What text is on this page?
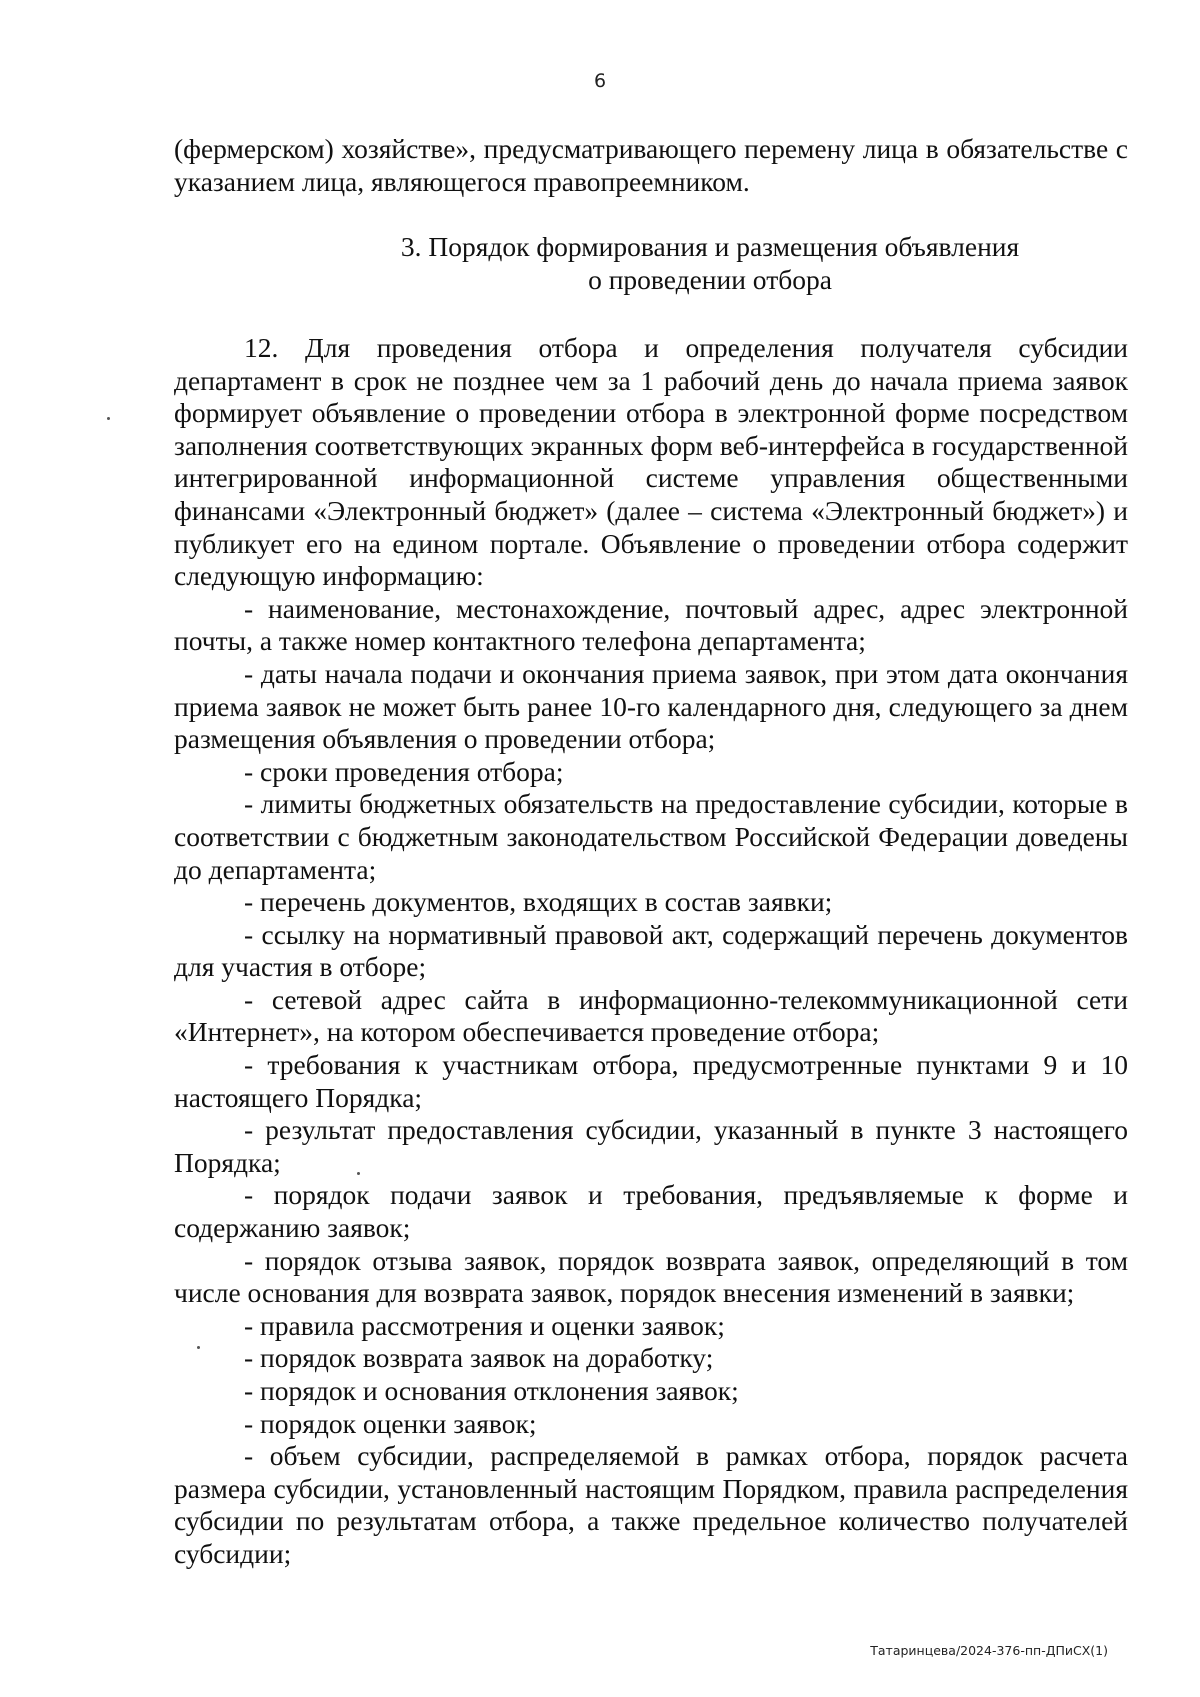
6

(фермерском) хозяйстве», предусматривающего перемену лица в обязательстве с указанием лица, являющегося правопреемником.

3. Порядок формирования и размещения объявления
о проведении отбора

12. Для проведения отбора и определения получателя субсидии департамент в срок не позднее чем за 1 рабочий день до начала приема заявок формирует объявление о проведении отбора в электронной форме посредством заполнения соответствующих экранных форм веб-интерфейса в государственной интегрированной информационной системе управления общественными финансами «Электронный бюджет» (далее – система «Электронный бюджет») и публикует его на едином портале. Объявление о проведении отбора содержит следующую информацию:

- наименование, местонахождение, почтовый адрес, адрес электронной почты, а также номер контактного телефона департамента;

- даты начала подачи и окончания приема заявок, при этом дата окончания приема заявок не может быть ранее 10-го календарного дня, следующего за днем размещения объявления о проведении отбора;

- сроки проведения отбора;

- лимиты бюджетных обязательств на предоставление субсидии, которые в соответствии с бюджетным законодательством Российской Федерации доведены до департамента;

- перечень документов, входящих в состав заявки;

- ссылку на нормативный правовой акт, содержащий перечень документов для участия в отборе;

- сетевой адрес сайта в информационно-телекоммуникационной сети «Интернет», на котором обеспечивается проведение отбора;

- требования к участникам отбора, предусмотренные пунктами 9 и 10 настоящего Порядка;

- результат предоставления субсидии, указанный в пункте 3 настоящего Порядка;

- порядок подачи заявок и требования, предъявляемые к форме и содержанию заявок;

- порядок отзыва заявок, порядок возврата заявок, определяющий в том числе основания для возврата заявок, порядок внесения изменений в заявки;

- правила рассмотрения и оценки заявок;

- порядок возврата заявок на доработку;

- порядок и основания отклонения заявок;

- порядок оценки заявок;

- объем субсидии, распределяемой в рамках отбора, порядок расчета размера субсидии, установленный настоящим Порядком, правила распределения субсидии по результатам отбора, а также предельное количество получателей субсидии;

Татаринцева/2024-376-пп-ДПиСХ(1)
